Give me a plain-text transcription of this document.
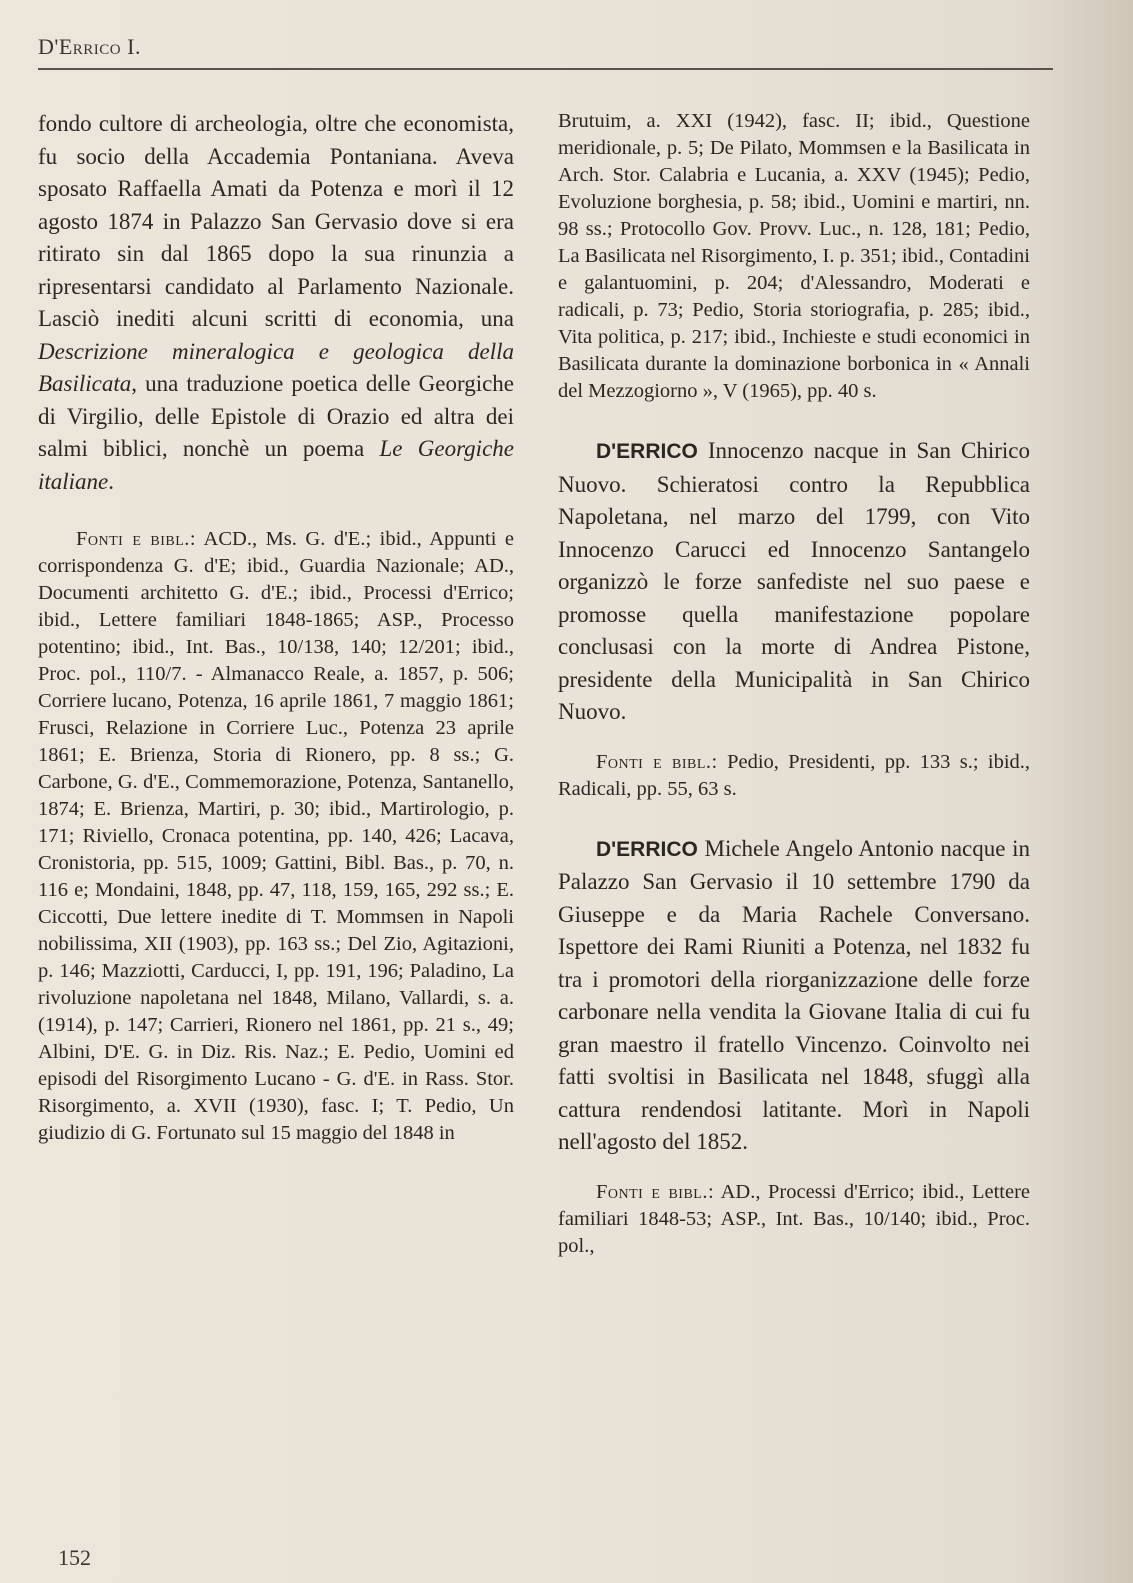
D'Errico I.

fondo cultore di archeologia, oltre che economista, fu socio della Accademia Pontaniana. Aveva sposato Raffaella Amati da Potenza e morì il 12 agosto 1874 in Palazzo San Gervasio dove si era ritirato sin dal 1865 dopo la sua rinunzia a ripresentarsi candidato al Parlamento Nazionale. Lasciò inediti alcuni scritti di economia, una Descrizione mineralogica e geologica della Basilicata, una traduzione poetica delle Georgiche di Virgilio, delle Epistole di Orazio ed altra dei salmi biblici, nonchè un poema Le Georgiche italiane.

Fonti e bibl.: ACD., Ms. G. d'E.; ibid., Appunti e corrispondenza G. d'E; ibid., Guardia Nazionale; AD., Documenti architetto G. d'E.; ibid., Processi d'Errico; ibid., Lettere familiari 1848-1865; ASP., Processo potentino; ibid., Int. Bas., 10/138, 140; 12/201; ibid., Proc. pol., 110/7. - Almanacco Reale, a. 1857, p. 506; Corriere lucano, Potenza, 16 aprile 1861, 7 maggio 1861; Frusci, Relazione in Corriere Luc., Potenza 23 aprile 1861; E. Brienza, Storia di Rionero, pp. 8 ss.; G. Carbone, G. d'E., Commemorazione, Potenza, Santanello, 1874; E. Brienza, Martiri, p. 30; ibid., Martirologio, p. 171; Riviello, Cronaca potentina, pp. 140, 426; Lacava, Cronistoria, pp. 515, 1009; Gattini, Bibl. Bas., p. 70, n. 116 e; Mondaini, 1848, pp. 47, 118, 159, 165, 292 ss.; E. Ciccotti, Due lettere inedite di T. Mommsen in Napoli nobilissima, XII (1903), pp. 163 ss.; Del Zio, Agitazioni, p. 146; Mazziotti, Carducci, I, pp. 191, 196; Paladino, La rivoluzione napoletana nel 1848, Milano, Vallardi, s. a. (1914), p. 147; Carrieri, Rionero nel 1861, pp. 21 s., 49; Albini, D'E. G. in Diz. Ris. Naz.; E. Pedio, Uomini ed episodi del Risorgimento Lucano - G. d'E. in Rass. Stor. Risorgimento, a. XVII (1930), fasc. I; T. Pedio, Un giudizio di G. Fortunato sul 15 maggio del 1848 in

Brutuim, a. XXI (1942), fasc. II; ibid., Questione meridionale, p. 5; De Pilato, Mommsen e la Basilicata in Arch. Stor. Calabria e Lucania, a. XXV (1945); Pedio, Evoluzione borghesia, p. 58; ibid., Uomini e martiri, nn. 98 ss.; Protocollo Gov. Provv. Luc., n. 128, 181; Pedio, La Basilicata nel Risorgimento, I. p. 351; ibid., Contadini e galantuomini, p. 204; d'Alessandro, Moderati e radicali, p. 73; Pedio, Storia storiografia, p. 285; ibid., Vita politica, p. 217; ibid., Inchieste e studi economici in Basilicata durante la dominazione borbonica in « Annali del Mezzogiorno », V (1965), pp. 40 s.

D'ERRICO Innocenzo nacque in San Chirico Nuovo. Schieratosi contro la Repubblica Napoletana, nel marzo del 1799, con Vito Innocenzo Carucci ed Innocenzo Santangelo organizzò le forze sanfediste nel suo paese e promosse quella manifestazione popolare conclusasi con la morte di Andrea Pistone, presidente della Municipalità in San Chirico Nuovo.

Fonti e bibl.: Pedio, Presidenti, pp. 133 s.; ibid., Radicali, pp. 55, 63 s.

D'ERRICO Michele Angelo Antonio nacque in Palazzo San Gervasio il 10 settembre 1790 da Giuseppe e da Maria Rachele Conversano. Ispettore dei Rami Riuniti a Potenza, nel 1832 fu tra i promotori della riorganizzazione delle forze carbonare nella vendita la Giovane Italia di cui fu gran maestro il fratello Vincenzo. Coinvolto nei fatti svoltisi in Basilicata nel 1848, sfuggì alla cattura rendendosi latitante. Morì in Napoli nell'agosto del 1852.

Fonti e bibl.: AD., Processi d'Errico; ibid., Lettere familiari 1848-53; ASP., Int. Bas., 10/140; ibid., Proc. pol.,

152
